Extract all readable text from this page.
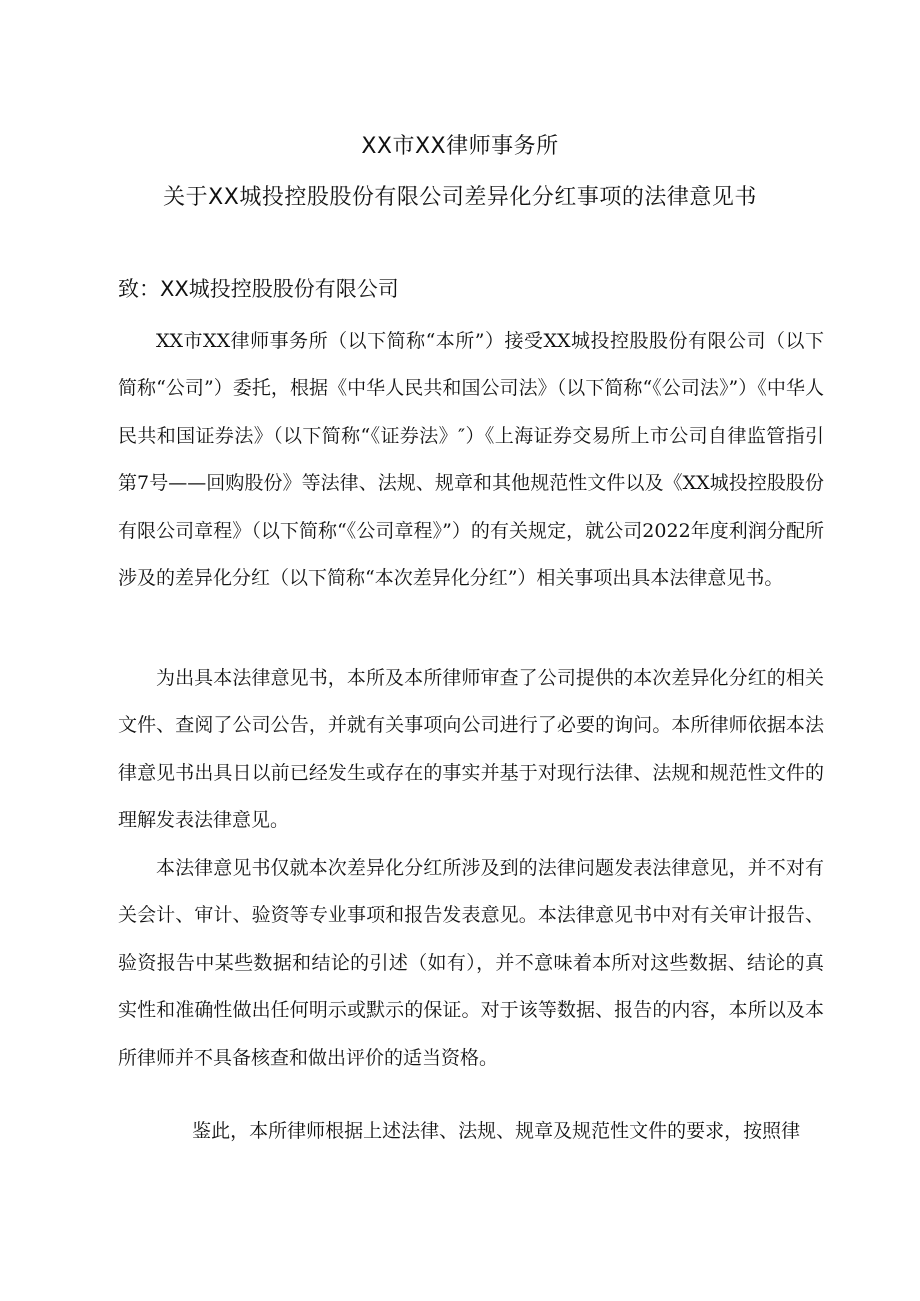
XX市XX律师事务所
关于XX城投控股股份有限公司差异化分红事项的法律意见书

致：XX城投控股股份有限公司

XX市XX律师事务所（以下简称“本所”）接受XX城投控股股份有限公司（以下简称“公司”）委托，根据《中华人民共和国公司法》（以下简称“《公司法》”）《中华人民共和国证券法》（以下简称“《证券法》″）《上海证券交易所上市公司自律监管指引第7号——回购股份》等法律、法规、规章和其他规范性文件以及《XX城投控股股份有限公司章程》（以下简称“《公司章程》”）的有关规定，就公司2022年度利润分配所涉及的差异化分红（以下简称“本次差异化分红”）相关事项出具本法律意见书。

为出具本法律意见书，本所及本所律师审查了公司提供的本次差异化分红的相关文件、查阅了公司公告，并就有关事项向公司进行了必要的询问。本所律师依据本法律意见书出具日以前已经发生或存在的事实并基于对现行法律、法规和规范性文件的理解发表法律意见。

本法律意见书仅就本次差异化分红所涉及到的法律问题发表法律意见，并不对有关会计、审计、验资等专业事项和报告发表意见。本法律意见书中对有关审计报告、验资报告中某些数据和结论的引述（如有），并不意味着本所对这些数据、结论的真实性和准确性做出任何明示或默示的保证。对于该等数据、报告的内容，本所以及本所律师并不具备核查和做出评价的适当资格。

鉴此，本所律师根据上述法律、法规、规章及规范性文件的要求，按照律
